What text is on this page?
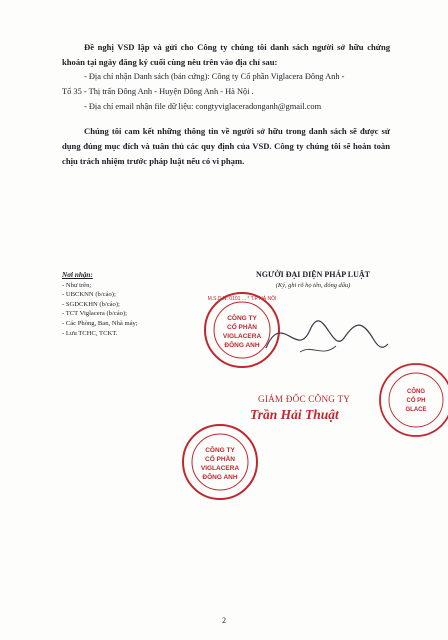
Đề nghị VSD lập và gửi cho Công ty chúng tôi danh sách người sở hữu chứng khoán tại ngày đăng ký cuối cùng nêu trên vào địa chỉ sau:
- Địa chỉ nhận Danh sách (bản cứng): Công ty Cổ phần Viglacera Đông Anh -
Tổ 35 - Thị trấn Đông Anh - Huyện Đông Anh - Hà Nội .
- Địa chỉ email nhận file dữ liệu: congtyviglaceradonganh@gmail.com
Chúng tôi cam kết những thông tin về người sở hữu trong danh sách sẽ được sử dụng đúng mục đích và tuân thủ các quy định của VSD. Công ty chúng tôi sẽ hoàn toàn chịu trách nhiệm trước pháp luật nếu có vi phạm.
Nơi nhận:
- Như trên;
- UBCKNN (b/cáo);
- SGDCKHN (b/cáo);
- TCT Viglacera (b/cáo);
- Các Phòng, Ban, Nhà máy;
- Lưu TCHC, TCKT.
NGƯỜI ĐẠI DIỆN PHÁP LUẬT
(Ký, ghi rõ họ tên, đóng dấu)
M.S.D.N: 0101 ... * T.P HÀ NỘI
CÔNG TY
CỔ PHẦN
VIGLACERA
ĐÔNG ANH
CÔNG
CỔ PH
GLACE
GIÁM ĐỐC CÔNG TY
Trần Hải Thuật
CÔNG TY
CỔ PHẦN
VIGLACERA
ĐÔNG ANH
2
